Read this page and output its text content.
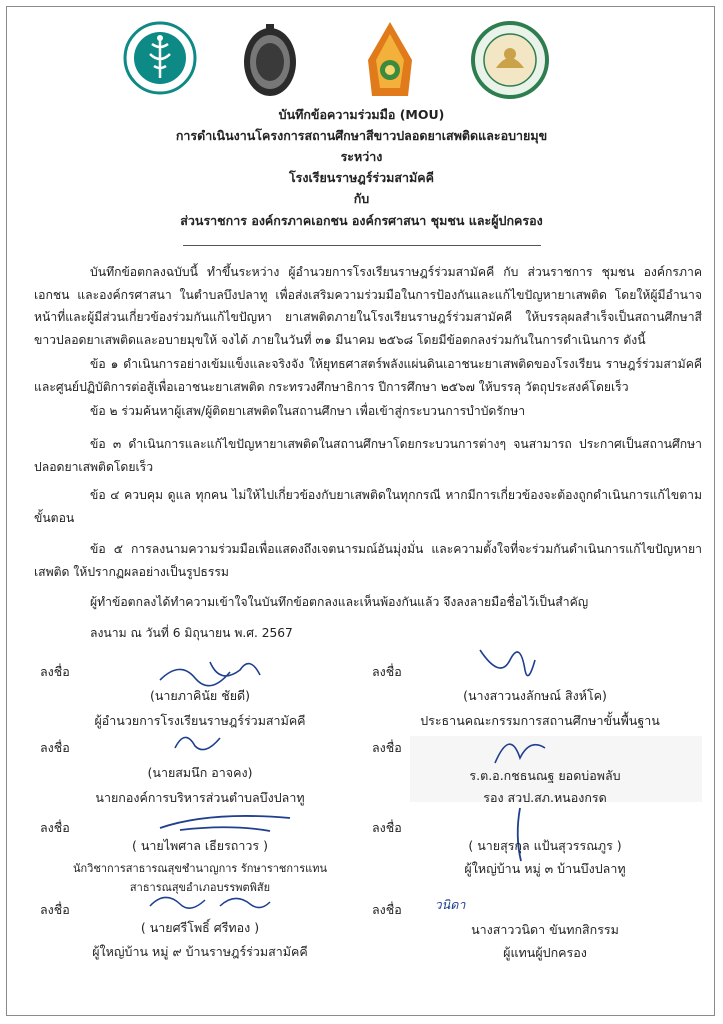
บันทึกข้อความร่วมมือ (MOU)
การดำเนินงานโครงการสถานศึกษาสีขาวปลอดยาเสพติดและอบายมุข
ระหว่าง
โรงเรียนราษฎร์ร่วมสามัคคี
กับ
ส่วนราชการ องค์กรภาคเอกชน องค์กรศาสนา ชุมชน และผู้ปกครอง
บันทึกข้อตกลงฉบับนี้ ทำขึ้นระหว่าง ผู้อำนวยการโรงเรียนราษฎร์ร่วมสามัคคี กับ ส่วนราชการ ชุมชน องค์กรภาคเอกชน และองค์กรศาสนา ในตำบลบึงปลาทู เพื่อส่งเสริมความร่วมมือในการป้องกันและแก้ไขปัญหายาเสพติด โดยให้ผู้มีอำนาจหน้าที่และผู้มีส่วนเกี่ยวข้องร่วมกันแก้ไขปัญหา ยาเสพติดภายในโรงเรียนราษฎร์ร่วมสามัคคี ให้บรรลุผลสำเร็จเป็นสถานศึกษาสีขาวปลอดยาเสพติดและอบายมุขให้ จงได้ ภายในวันที่ ๓๑ มีนาคม ๒๕๖๘ โดยมีข้อตกลงร่วมกันในการดำเนินการ ดังนี้
ข้อ ๑ ดำเนินการอย่างเข้มแข็งและจริงจัง ให้ยุทธศาสตร์พลังแผ่นดินเอาชนะยาเสพติดของโรงเรียน ราษฎร์ร่วมสามัคคี และศูนย์ปฏิบัติการต่อสู้เพื่อเอาชนะยาเสพติด กระทรวงศึกษาธิการ ปีการศึกษา ๒๕๖๗ ให้บรรลุ วัตถุประสงค์โดยเร็ว
ข้อ ๒ ร่วมค้นหาผู้เสพ/ผู้ติดยาเสพติดในสถานศึกษา เพื่อเข้าสู่กระบวนการบำบัดรักษา
ข้อ ๓ ดำเนินการและแก้ไขปัญหายาเสพติดในสถานศึกษาโดยกระบวนการต่างๆ จนสามารถ ประกาศเป็นสถานศึกษาปลอดยาเสพติดโดยเร็ว
ข้อ ๔ ควบคุม ดูแล ทุกคน ไม่ให้ไปเกี่ยวข้องกับยาเสพติดในทุกกรณี หากมีการเกี่ยวข้องจะต้องถูกดำเนินการแก้ไขตามขั้นตอน
ข้อ ๕ การลงนามความร่วมมือเพื่อแสดงถึงเจตนารมณ์อันมุ่งมั่น และความตั้งใจที่จะร่วมกันดำเนินการแก้ไขปัญหายาเสพติด ให้ปรากฏผลอย่างเป็นรูปธรรม
ผู้ทำข้อตกลงได้ทำความเข้าใจในบันทึกข้อตกลงและเห็นพ้องกันแล้ว จึงลงลายมือชื่อไว้เป็นสำคัญ
ลงนาม ณ วันที่ 6 มิถุนายน พ.ศ. 2567
ลงชื่อ
(นายภาคินัย ชัยดี)
ผู้อำนวยการโรงเรียนราษฎร์ร่วมสามัคคี
ลงชื่อ
(นางสาวนงลักษณ์ สิงห์โค)
ประธานคณะกรรมการสถานศึกษาขั้นพื้นฐาน
ลงชื่อ
(นายสมนึก อาจคง)
นายกองค์การบริหารส่วนตำบลบึงปลาทู
ลงชื่อ
ร.ต.อ.กชธนณฐ ยอดบ่อพลับ
รอง สวป.สภ.หนองกรด
ลงชื่อ
( นายไพศาล เธียรถาวร )
นักวิชาการสาธารณสุขชำนาญการ รักษาราชการแทน
สาธารณสุขอำเภอบรรพตพิสัย
ลงชื่อ
( นายสุรกุล แป้นสุวรรณภูร )
ผู้ใหญ่บ้าน หมู่ ๓ บ้านบึงปลาทู
ลงชื่อ
( นายศรีโพธิ์ ศรีทอง )
ผู้ใหญ่บ้าน หมู่ ๙ บ้านราษฎร์ร่วมสามัคคี
ลงชื่อ	วนิดา
นางสาววนิดา ขันทกสิกรรม
ผู้แทนผู้ปกครอง
